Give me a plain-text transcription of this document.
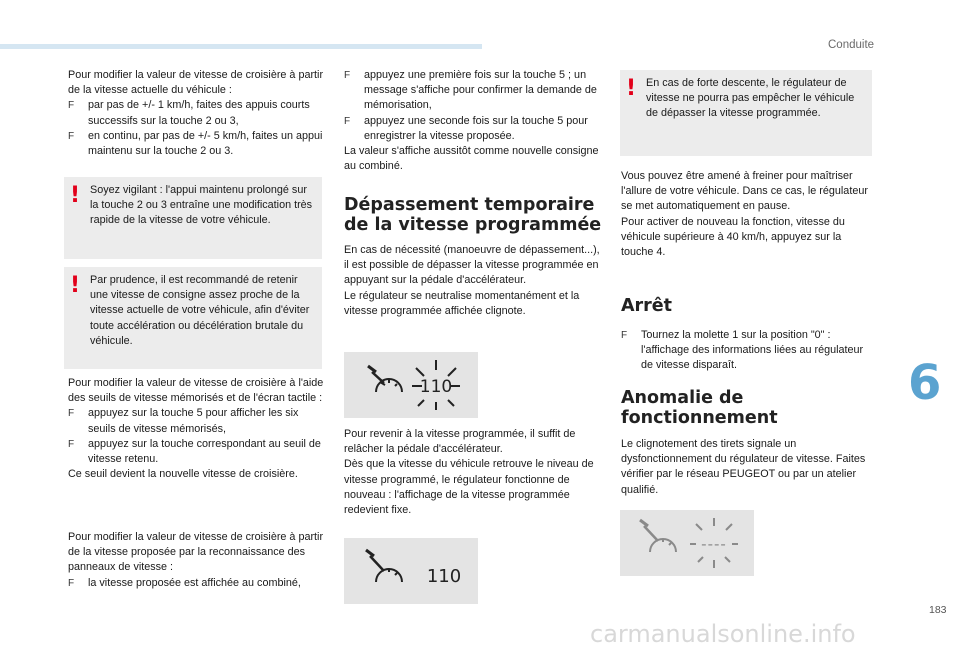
Conduite

Pour modifier la valeur de vitesse de croisière à partir de la vitesse actuelle du véhicule :

F par pas de +/- 1 km/h, faites des appuis courts successifs sur la touche 2 ou 3,
F en continu, par pas de +/- 5 km/h, faites un appui maintenu sur la touche 2 ou 3.
! Soyez vigilant : l'appui maintenu prolongé sur la touche 2 ou 3 entraîne une modification très rapide de la vitesse de votre véhicule.
! Par prudence, il est recommandé de retenir une vitesse de consigne assez proche de la vitesse actuelle de votre véhicule, afin d'éviter toute accélération ou décélération brutale du véhicule.

Pour modifier la valeur de vitesse de croisière à l'aide des seuils de vitesse mémorisés et de l'écran tactile :

F appuyez sur la touche 5 pour afficher les six seuils de vitesse mémorisés,
F appuyez sur la touche correspondant au seuil de vitesse retenu.

Ce seuil devient la nouvelle vitesse de croisière.

Pour modifier la valeur de vitesse de croisière à partir de la vitesse proposée par la reconnaissance des panneaux de vitesse :

F la vitesse proposée est affichée au combiné,
F appuyez une première fois sur la touche 5 ; un message s'affiche pour confirmer la demande de mémorisation,
F appuyez une seconde fois sur la touche 5 pour enregistrer la vitesse proposée.

La valeur s'affiche aussitôt comme nouvelle consigne au combiné.

Dépassement temporaire de la vitesse programmée

En cas de nécessité (manoeuvre de dépassement...), il est possible de dépasser la vitesse programmée en appuyant sur la pédale d'accélérateur.

Le régulateur se neutralise momentanément et la vitesse programmée affichée clignote.

110

Pour revenir à la vitesse programmée, il suffit de relâcher la pédale d'accélérateur.

Dès que la vitesse du véhicule retrouve le niveau de vitesse programmé, le régulateur fonctionne de nouveau : l'affichage de la vitesse programmée redevient fixe.

110
! En cas de forte descente, le régulateur de vitesse ne pourra pas empêcher le véhicule de dépasser la vitesse programmée.

Vous pouvez être amené à freiner pour maîtriser l'allure de votre véhicule. Dans ce cas, le régulateur se met automatiquement en pause.

Pour activer de nouveau la fonction, vitesse du véhicule supérieure à 40 km/h, appuyez sur la touche 4.

Arrêt
F Tournez la molette 1 sur la position "0" : l'affichage des informations liées au régulateur de vitesse disparaît.
Anomalie de fonctionnement

Le clignotement des tirets signale un dysfonctionnement du régulateur de vitesse. Faites vérifier par le réseau PEUGEOT ou par un atelier qualifié.

----
6
183
carmanualsonline.info
